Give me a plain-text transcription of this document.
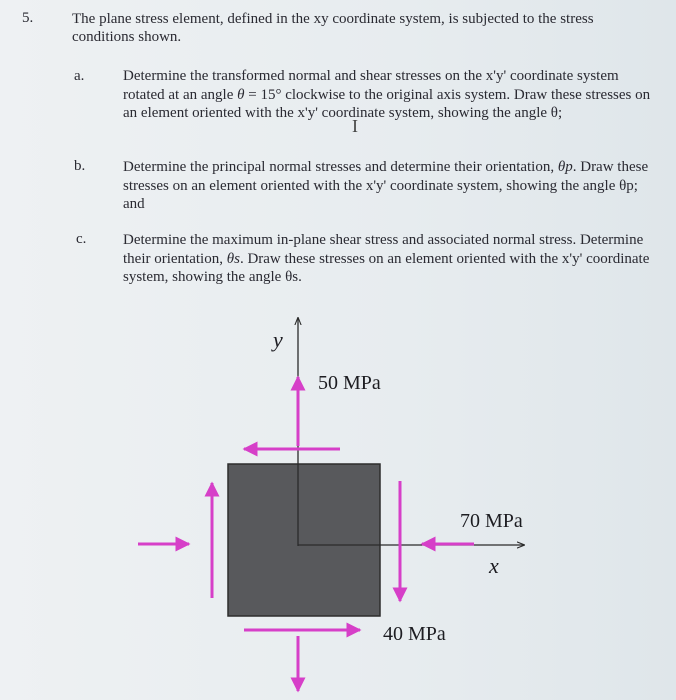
5.	The plane stress element, defined in the xy coordinate system, is subjected to the stress conditions shown.
a.	Determine the transformed normal and shear stresses on the x'y' coordinate system rotated at an angle θ = 15° clockwise to the original axis system. Draw these stresses on an element oriented with the x'y' coordinate system, showing the angle θ;
I
b.	Determine the principal normal stresses and determine their orientation, θp. Draw these stresses on an element oriented with the x'y' coordinate system, showing the angle θp; and
c. Determine the maximum in-plane shear stress and associated normal stress. Determine their orientation, θs. Draw these stresses on an element oriented with the x'y' coordinate system, showing the angle θs.
y
x
50 MPa
70 MPa
40 MPa
